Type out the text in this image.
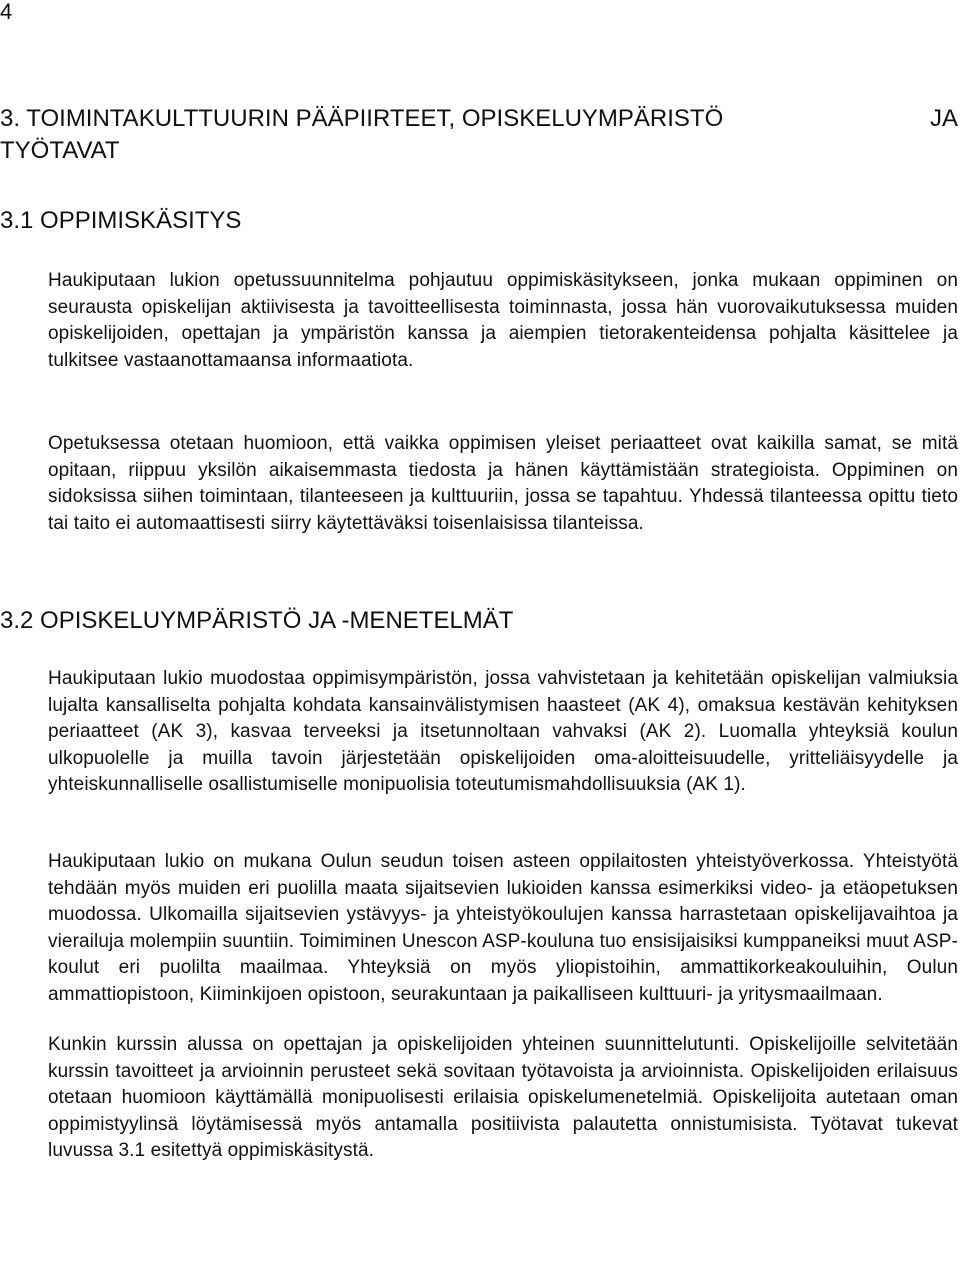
4
3. TOIMINTAKULTTUURIN PÄÄPIIRTEET, OPISKELUYMPÄRISTÖ	JA
TYÖTAVAT
3.1 OPPIMISKÄSITYS

Haukiputaan lukion opetussuunnitelma pohjautuu oppimiskäsitykseen, jonka mukaan oppiminen on seurausta opiskelijan aktiivisesta ja tavoitteellisesta toiminnasta, jossa hän vuorovaikutuksessa muiden opiskelijoiden, opettajan ja ympäristön kanssa ja aiempien tietorakenteidensa pohjalta käsittelee ja tulkitsee vastaanottamaansa informaatiota.

Opetuksessa otetaan huomioon, että vaikka oppimisen yleiset periaatteet ovat kaikilla samat, se mitä opitaan, riippuu yksilön aikaisemmasta tiedosta ja hänen käyttämistään strategioista. Oppiminen on sidoksissa siihen toimintaan, tilanteeseen ja kulttuuriin, jossa se tapahtuu. Yhdessä tilanteessa opittu tieto tai taito ei automaattisesti siirry käytettäväksi toisenlaisissa tilanteissa.

3.2 OPISKELUYMPÄRISTÖ JA -MENETELMÄT

Haukiputaan lukio muodostaa oppimisympäristön, jossa vahvistetaan ja kehitetään opiskelijan valmiuksia lujalta kansalliselta pohjalta kohdata kansainvälistymisen haasteet (AK 4), omaksua kestävän kehityksen periaatteet (AK 3), kasvaa terveeksi ja itsetunnoltaan vahvaksi (AK 2). Luomalla yhteyksiä koulun ulkopuolelle ja muilla tavoin järjestetään opiskelijoiden oma-aloitteisuudelle, yritteliäisyydelle ja yhteiskunnalliselle osallistumiselle monipuolisia toteutumismahdollisuuksia (AK 1).

Haukiputaan lukio on mukana Oulun seudun toisen asteen oppilaitosten yhteistyöverkossa. Yhteistyötä tehdään myös muiden eri puolilla maata sijaitsevien lukioiden kanssa esimerkiksi video- ja etäopetuksen muodossa. Ulkomailla sijaitsevien ystävyys- ja yhteistyökoulujen kanssa harrastetaan opiskelijavaihtoa ja vierailuja molempiin suuntiin. Toimiminen Unescon ASP-kouluna tuo ensisijaisiksi kumppaneiksi muut ASP-koulut eri puolilta maailmaa. Yhteyksiä on myös yliopistoihin, ammattikorkeakouluihin, Oulun ammattiopistoon, Kiiminkijoen opistoon, seurakuntaan ja paikalliseen kulttuuri- ja yritysmaailmaan.

Kunkin kurssin alussa on opettajan ja opiskelijoiden yhteinen suunnittelutunti. Opiskelijoille selvitetään kurssin tavoitteet ja arvioinnin perusteet sekä sovitaan työtavoista ja arvioinnista. Opiskelijoiden erilaisuus otetaan huomioon käyttämällä monipuolisesti erilaisia opiskelumenetelmiä. Opiskelijoita autetaan oman oppimistyylinsä löytämisessä myös antamalla positiivista palautetta onnistumisista. Työtavat tukevat luvussa 3.1 esitettyä oppimiskäsitystä.
